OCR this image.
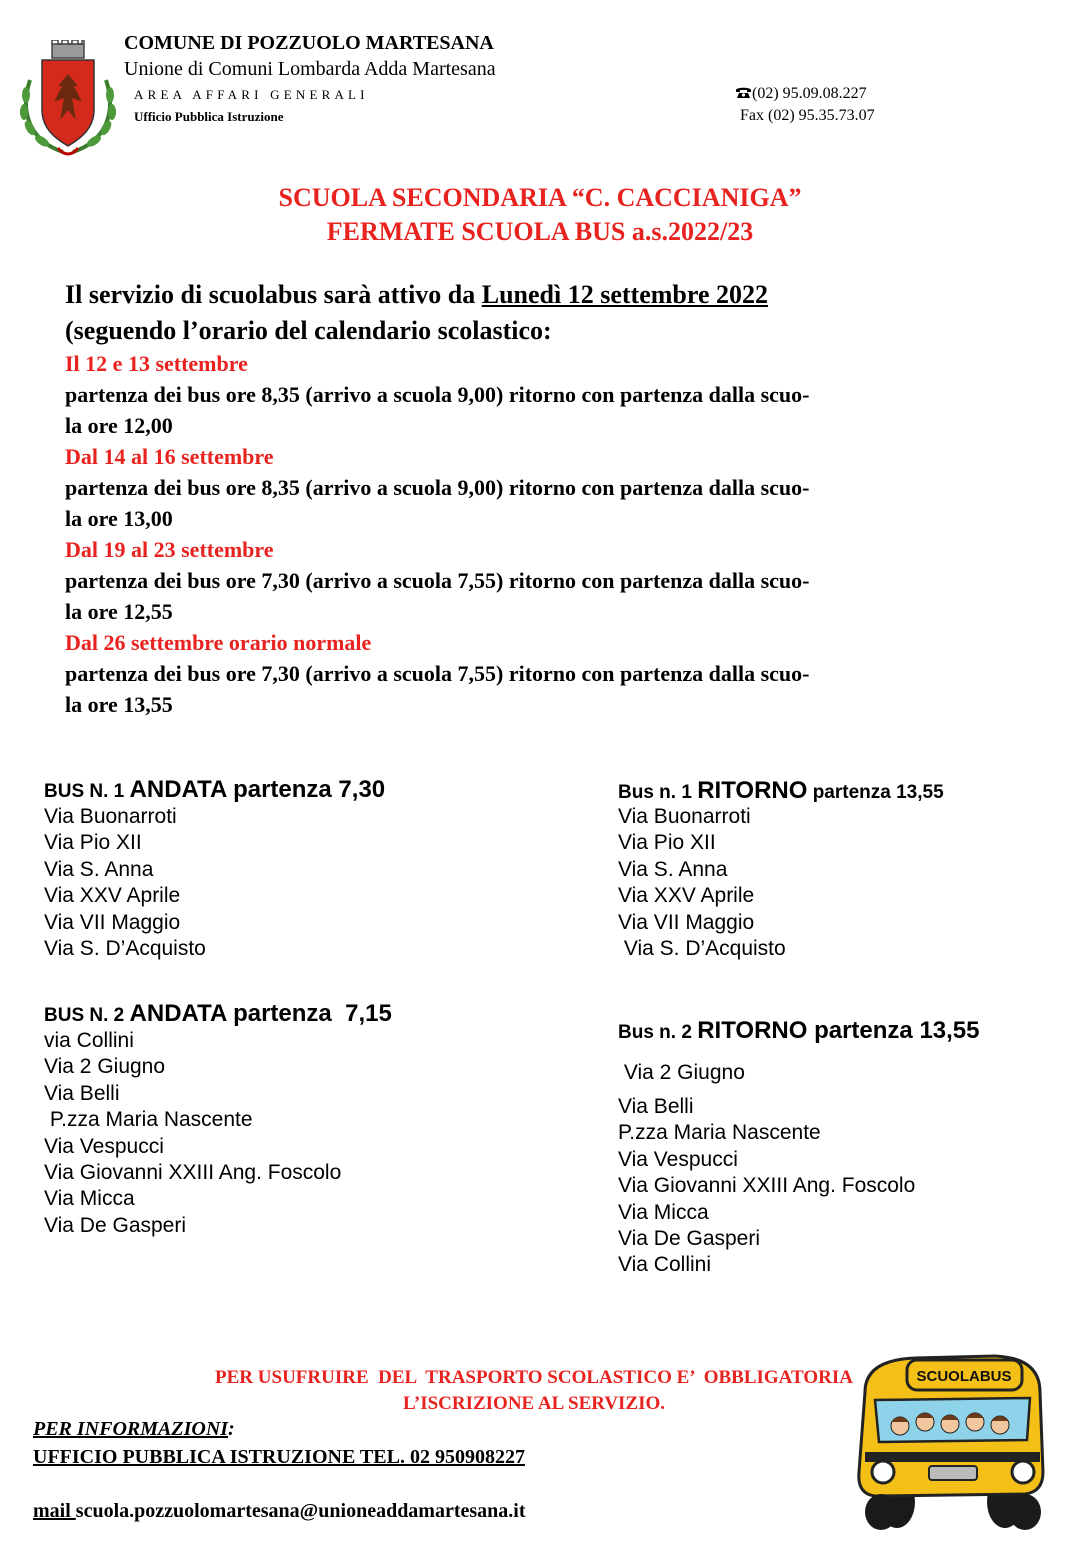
COMUNE DI POZZUOLO MARTESANA
Unione di Comuni Lombarda Adda Martesana
AREA AFFARI GENERALI
Ufficio Pubblica Istruzione
(02) 95.09.08.227
Fax (02) 95.35.73.07
SCUOLA SECONDARIA “C. CACCIANIGA”
FERMATE SCUOLA BUS a.s.2022/23
Il servizio di scuolabus sarà attivo da Lunedì 12 settembre 2022
(seguendo l’orario del calendario scolastico:
Il 12 e 13 settembre
partenza dei bus ore 8,35 (arrivo a scuola 9,00) ritorno con partenza dalla scuo-
la ore 12,00
Dal 14 al 16 settembre
partenza dei bus ore 8,35 (arrivo a scuola 9,00) ritorno con partenza dalla scuo-
la ore 13,00
Dal 19 al 23 settembre
partenza dei bus ore 7,30 (arrivo a scuola 7,55) ritorno con partenza dalla scuo-
la ore 12,55
Dal 26 settembre orario normale
partenza dei bus ore 7,30 (arrivo a scuola 7,55) ritorno con partenza dalla scuo-
la ore 13,55
BUS N. 1 ANDATA partenza 7,30
Via Buonarroti
Via Pio XII
Via S. Anna
Via XXV Aprile
Via VII Maggio
Via S. D’Acquisto
Bus n. 1 RITORNO partenza 13,55
Via Buonarroti
Via Pio XII
Via S. Anna
Via XXV Aprile
Via VII Maggio
Via S. D’Acquisto
BUS N. 2 ANDATA partenza  7,15
via Collini
Via 2 Giugno
Via Belli
P.zza Maria Nascente
Via Vespucci
Via Giovanni XXIII Ang. Foscolo
Via Micca
Via De Gasperi
Bus n. 2 RITORNO partenza 13,55
Via 2 Giugno
Via Belli
P.zza Maria Nascente
Via Vespucci
Via Giovanni XXIII Ang. Foscolo
Via Micca
Via De Gasperi
Via Collini
PER USUFRUIRE  DEL  TRASPORTO SCOLASTICO E’  OBBLIGATORIA
L’ISCRIZIONE AL SERVIZIO.
SCUOLABUS
PER INFORMAZIONI:
UFFICIO PUBBLICA ISTRUZIONE TEL. 02 950908227
mail scuola.pozzuolomartesana@unioneaddamartesana.it
